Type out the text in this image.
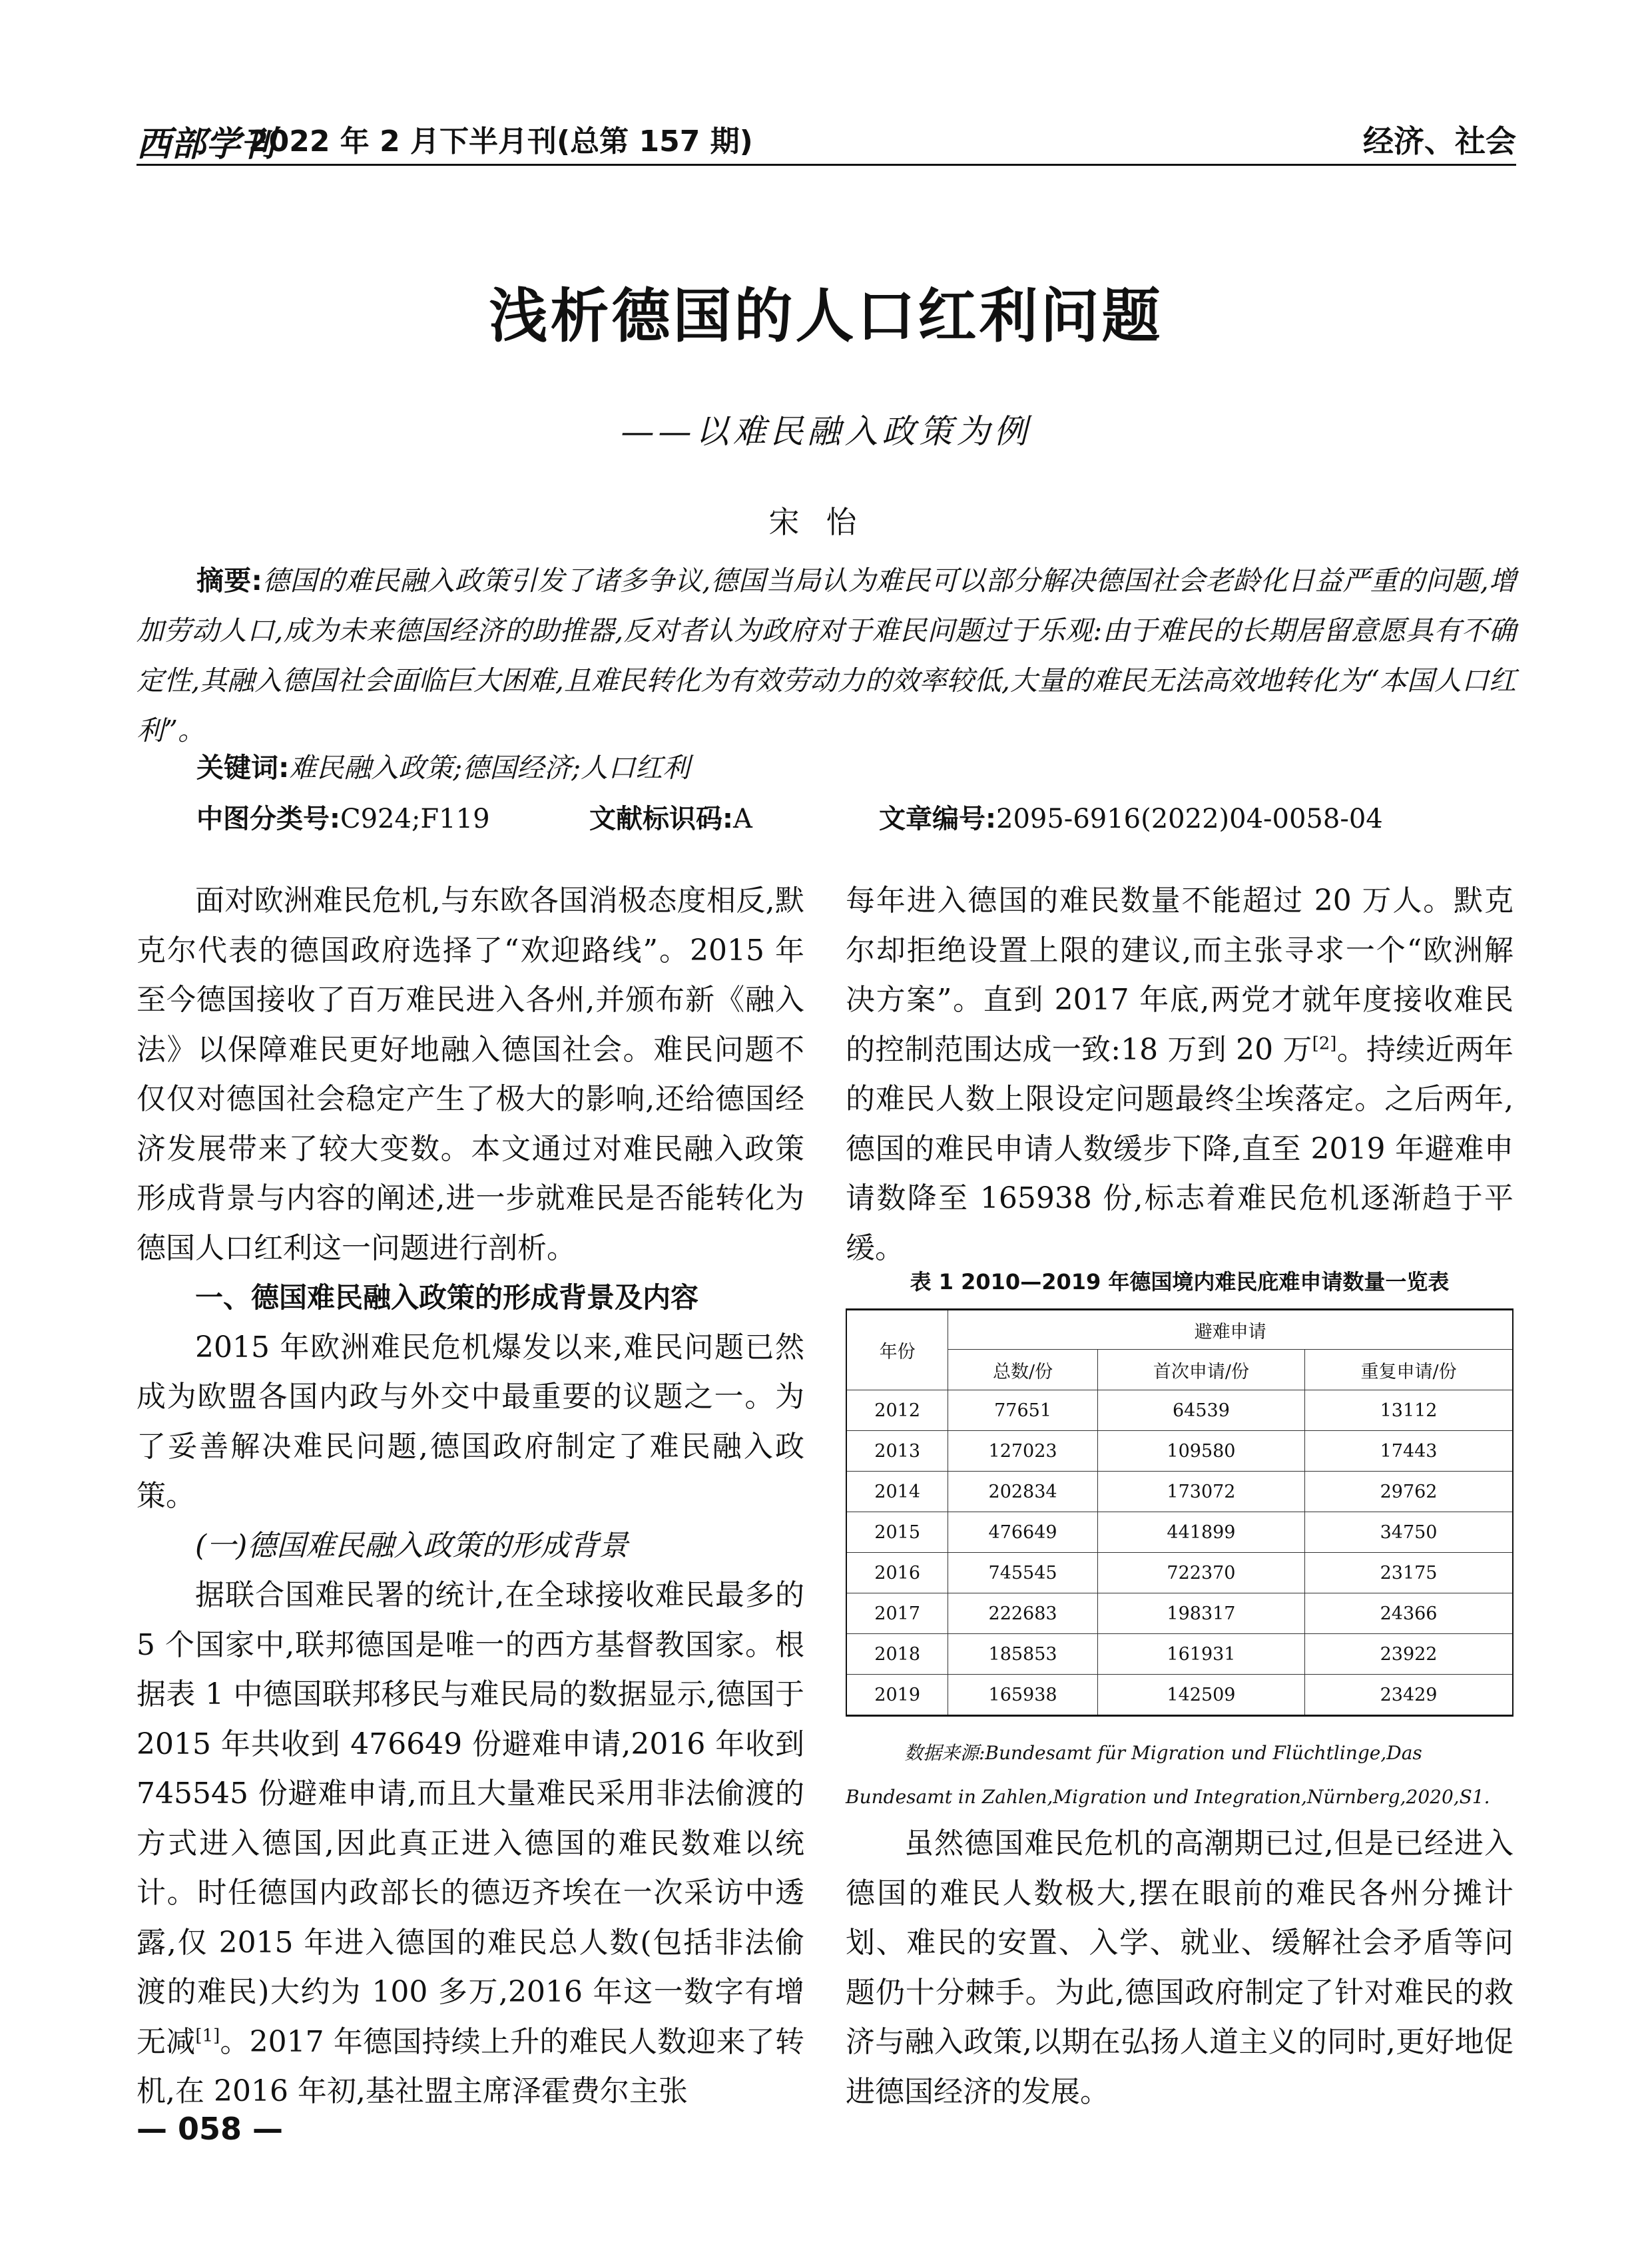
西部学刊
2022 年 2 月下半月刊(总第 157 期)	经济、社会
浅析德国的人口红利问题
——以难民融入政策为例
宋怡
摘要:德国的难民融入政策引发了诸多争议,德国当局认为难民可以部分解决德国社会老龄化日益严重的问题,增加劳动人口,成为未来德国经济的助推器,反对者认为政府对于难民问题过于乐观:由于难民的长期居留意愿具有不确定性,其融入德国社会面临巨大困难,且难民转化为有效劳动力的效率较低,大量的难民无法高效地转化为“本国人口红利”。
关键词:难民融入政策;德国经济;人口红利
中图分类号:C924;F119	文献标识码:A	文章编号:2095-6916(2022)04-0058-04

面对欧洲难民危机,与东欧各国消极态度相反,默克尔代表的德国政府选择了“欢迎路线”。2015 年至今德国接收了百万难民进入各州,并颁布新《融入法》以保障难民更好地融入德国社会。难民问题不仅仅对德国社会稳定产生了极大的影响,还给德国经济发展带来了较大变数。本文通过对难民融入政策形成背景与内容的阐述,进一步就难民是否能转化为德国人口红利这一问题进行剖析。

一、德国难民融入政策的形成背景及内容

2015 年欧洲难民危机爆发以来,难民问题已然成为欧盟各国内政与外交中最重要的议题之一。为了妥善解决难民问题,德国政府制定了难民融入政策。

(一)德国难民融入政策的形成背景

据联合国难民署的统计,在全球接收难民最多的 5 个国家中,联邦德国是唯一的西方基督教国家。根据表 1 中德国联邦移民与难民局的数据显示,德国于 2015 年共收到 476649 份避难申请,2016 年收到 745545 份避难申请,而且大量难民采用非法偷渡的方式进入德国,因此真正进入德国的难民数难以统计。时任德国内政部长的德迈齐埃在一次采访中透露,仅 2015 年进入德国的难民总人数(包括非法偷渡的难民)大约为 100 多万,2016 年这一数字有增无减[1]。2017 年德国持续上升的难民人数迎来了转机,在 2016 年初,基社盟主席泽霍费尔主张

每年进入德国的难民数量不能超过 20 万人。默克尔却拒绝设置上限的建议,而主张寻求一个“欧洲解决方案”。直到 2017 年底,两党才就年度接收难民的控制范围达成一致:18 万到 20 万[2]。持续近两年的难民人数上限设定问题最终尘埃落定。之后两年,德国的难民申请人数缓步下降,直至 2019 年避难申请数降至 165938 份,标志着难民危机逐渐趋于平缓。

表 1 2010—2019 年德国境内难民庇难申请数量一览表
年份	避难申请		
	总数/份	首次申请/份	重复申请/份
2012	77651	64539	13112
2013	127023	109580	17443
2014	202834	173072	29762
2015	476649	441899	34750
2016	745545	722370	23175
2017	222683	198317	24366
2018	185853	161931	23922
2019	165938	142509	23429
数据来源:Bundesamt für Migration und Flüchtlinge,Das Bundesamt in Zahlen,Migration und Integration,Nürnberg,2020,S1.

虽然德国难民危机的高潮期已过,但是已经进入德国的难民人数极大,摆在眼前的难民各州分摊计划、难民的安置、入学、就业、缓解社会矛盾等问题仍十分棘手。为此,德国政府制定了针对难民的救济与融入政策,以期在弘扬人道主义的同时,更好地促进德国经济的发展。

— 058 —
